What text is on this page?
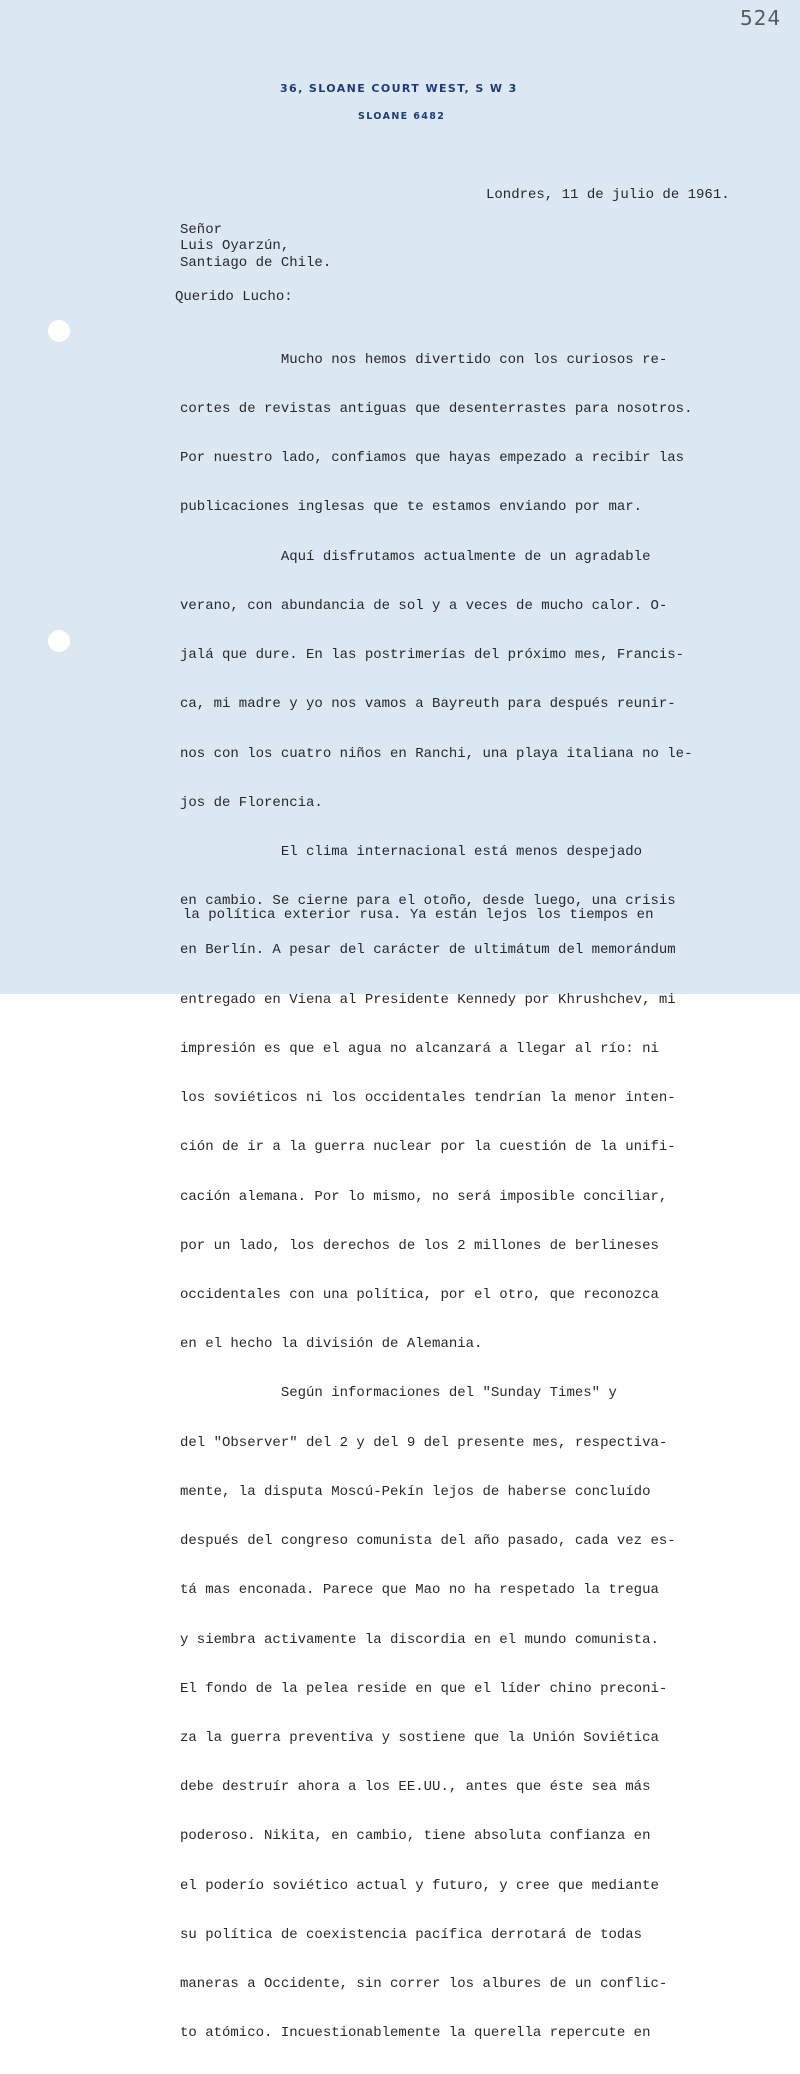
524
36, SLOANE COURT WEST, S W 3
SLOANE 6482
Londres, 11 de julio de 1961.
Señor
Luis Oyarzún,
Santiago de Chile.
Querido Lucho:

Mucho nos hemos divertido con los curiosos re-

cortes de revistas antiguas que desenterrastes para nosotros.

Por nuestro lado, confiamos que hayas empezado a recibir las

publicaciones inglesas que te estamos enviando por mar.

Aquí disfrutamos actualmente de un agradable

verano, con abundancia de sol y a veces de mucho calor. O-

jalá que dure. En las postrimerías del próximo mes, Francis-

ca, mi madre y yo nos vamos a Bayreuth para después reunir-

nos con los cuatro niños en Ranchi, una playa italiana no le-

jos de Florencia.

El clima internacional está menos despejado

en cambio. Se cierne para el otoño, desde luego, una crisis

en Berlín. A pesar del carácter de ultimátum del memorándum

entregado en Viena al Presidente Kennedy por Khrushchev, mi

impresión es que el agua no alcanzará a llegar al río: ni

los soviéticos ni los occidentales tendrían la menor inten-

ción de ir a la guerra nuclear por la cuestión de la unifi-

cación alemana. Por lo mismo, no será imposible conciliar,

por un lado, los derechos de los 2 millones de berlineses

occidentales con una política, por el otro, que reconozca

en el hecho la división de Alemania.

Según informaciones del "Sunday Times" y

del "Observer" del 2 y del 9 del presente mes, respectiva-

mente, la disputa Moscú-Pekín lejos de haberse concluído

después del congreso comunista del año pasado, cada vez es-

tá mas enconada. Parece que Mao no ha respetado la tregua

y siembra activamente la discordia en el mundo comunista.

El fondo de la pelea reside en que el líder chino preconi-

za la guerra preventiva y sostiene que la Unión Soviética

debe destruír ahora a los EE.UU., antes que éste sea más

poderoso. Nikita, en cambio, tiene absoluta confianza en

el poderío soviético actual y futuro, y cree que mediante

su política de coexistencia pacífica derrotará de todas

maneras a Occidente, sin correr los albures de un conflic-

to atómico. Incuestionablemente la querella repercute en

la política exterior rusa. Ya están lejos los tiempos en
